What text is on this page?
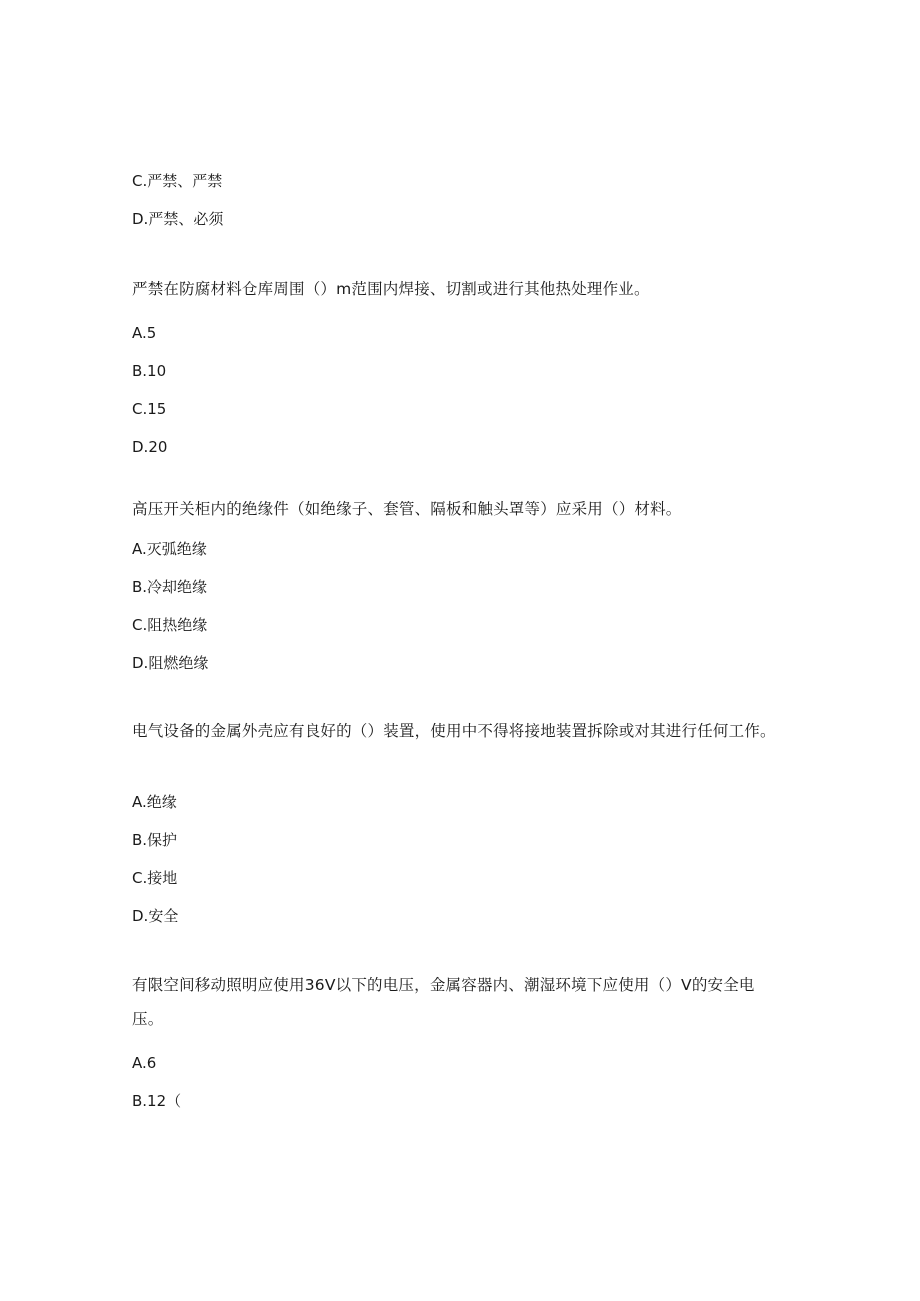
C.严禁、严禁
D.严禁、必须
严禁在防腐材料仓库周围（）m范围内焊接、切割或进行其他热处理作业。
A.5
B.10
C.15
D.20
高压开关柜内的绝缘件（如绝缘子、套管、隔板和触头罩等）应采用（）材料。
A.灭弧绝缘
B.冷却绝缘
C.阻热绝缘
D.阻燃绝缘
电气设备的金属外壳应有良好的（）装置，使用中不得将接地装置拆除或对其进行任何工作。
A.绝缘
B.保护
C.接地
D.安全
有限空间移动照明应使用36V以下的电压，金属容器内、潮湿环境下应使用（）V的安全电压。
A.6
B.12（
